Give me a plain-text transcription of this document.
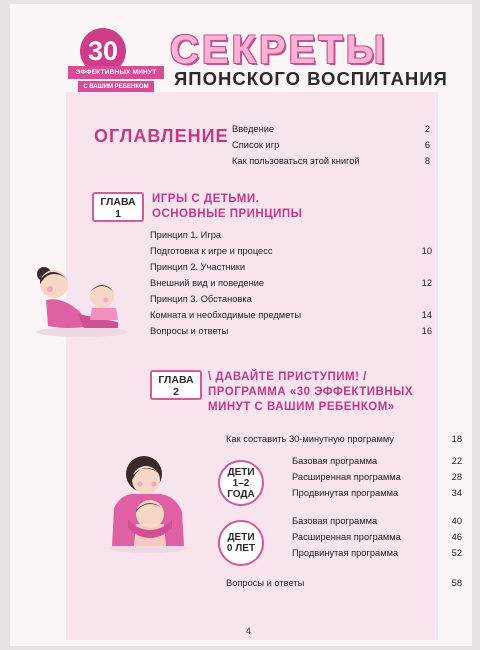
30
ЭФФЕКТИВНЫХ МИНУТ
С ВАШИМ РЕБЕНКОМ
СЕКРЕТЫ
ЯПОНСКОГО ВОСПИТАНИЯ
ОГЛАВЛЕНИЕ Введение	2
Список игр	6
Как пользоваться этой книгой	8
ГЛАВА
1
ИГРЫ С ДЕТЬМИ.
ОСНОВНЫЕ ПРИНЦИПЫ
Принцип 1. Игра
Подготовка к игре и процесс	10
Принцип 2. Участники
Внешний вид и поведение	12
Принцип 3. Обстановка
Комната и необходимые предметы	14
Вопросы и ответы	16
ГЛАВА
2
\ ДАВАЙТЕ ПРИСТУПИМ! /
ПРОГРАММА «30 ЭФФЕКТИВНЫХ
МИНУТ С ВАШИМ РЕБЕНКОМ»
Как составить 30-минутную программу	18
ДЕТИ
1–2
ГОДА
Базовая программа	22
Расширенная программа	28
Продвинутая программа	34
ДЕТИ
0 ЛЕТ
Базовая программа	40
Расширенная программа	46
Продвинутая программа	52
Вопросы и ответы	58
4
